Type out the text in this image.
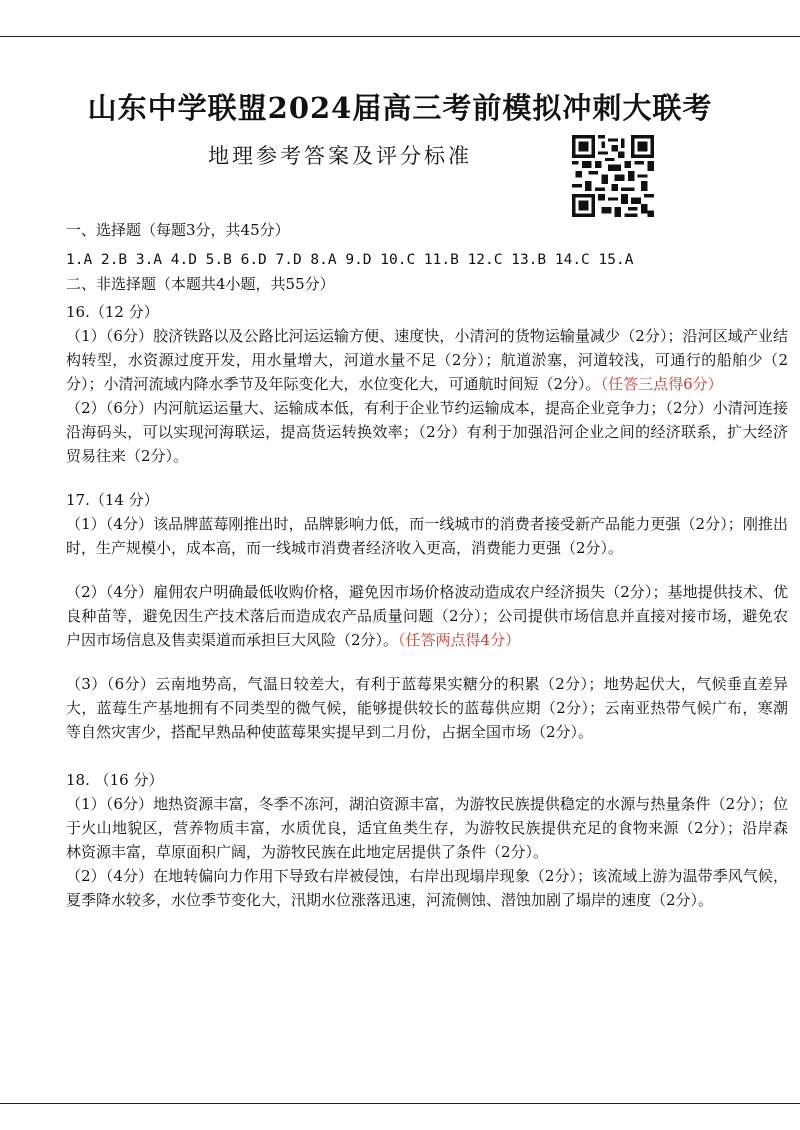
山东中学联盟2024届高三考前模拟冲刺大联考
地理参考答案及评分标准

一、选择题（每题3分，共45分）

1.A 2.B 3.A 4.D 5.B 6.D 7.D 8.A 9.D 10.C 11.B 12.C 13.B 14.C 15.A

二、非选择题（本题共4小题，共55分）

16.（12 分）

（1）（6分）胶济铁路以及公路比河运运输方便、速度快，小清河的货物运输量减少（2分）；沿河区域产业结构转型，水资源过度开发，用水量增大，河道水量不足（2分）；航道淤塞，河道较浅，可通行的船舶少（2分）；小清河流域内降水季节及年际变化大，水位变化大，可通航时间短（2分）。（任答三点得6分）

（2）（6分）内河航运运量大、运输成本低，有利于企业节约运输成本，提高企业竞争力；（2分）小清河连接沿海码头，可以实现河海联运，提高货运转换效率；（2分）有利于加强沿河企业之间的经济联系，扩大经济贸易往来（2分）。

17.（14 分）

（1）（4分）该品牌蓝莓刚推出时，品牌影响力低，而一线城市的消费者接受新产品能力更强（2分）；刚推出时，生产规模小，成本高，而一线城市消费者经济收入更高，消费能力更强（2分）。

（2）（4分）雇佣农户明确最低收购价格，避免因市场价格波动造成农户经济损失（2分）；基地提供技术、优良种苗等，避免因生产技术落后而造成农产品质量问题（2分）；公司提供市场信息并直接对接市场，避免农户因市场信息及售卖渠道而承担巨大风险（2分）。（任答两点得4分）

（3）（6分）云南地势高，气温日较差大，有利于蓝莓果实糖分的积累（2分）；地势起伏大，气候垂直差异大，蓝莓生产基地拥有不同类型的微气候，能够提供较长的蓝莓供应期（2分）；云南亚热带气候广布，寒潮等自然灾害少，搭配早熟品种使蓝莓果实提早到二月份，占据全国市场（2分）。

18. （16 分）

（1）（6分）地热资源丰富，冬季不冻河，湖泊资源丰富，为游牧民族提供稳定的水源与热量条件（2分）；位于火山地貌区，营养物质丰富，水质优良，适宜鱼类生存，为游牧民族提供充足的食物来源（2分）；沿岸森林资源丰富，草原面积广阔，为游牧民族在此地定居提供了条件（2分）。

（2）（4分）在地转偏向力作用下导致右岸被侵蚀，右岸出现塌岸现象（2分）；该流域上游为温带季风气候，夏季降水较多，水位季节变化大，汛期水位涨落迅速，河流侧蚀、潜蚀加剧了塌岸的速度（2分）。
